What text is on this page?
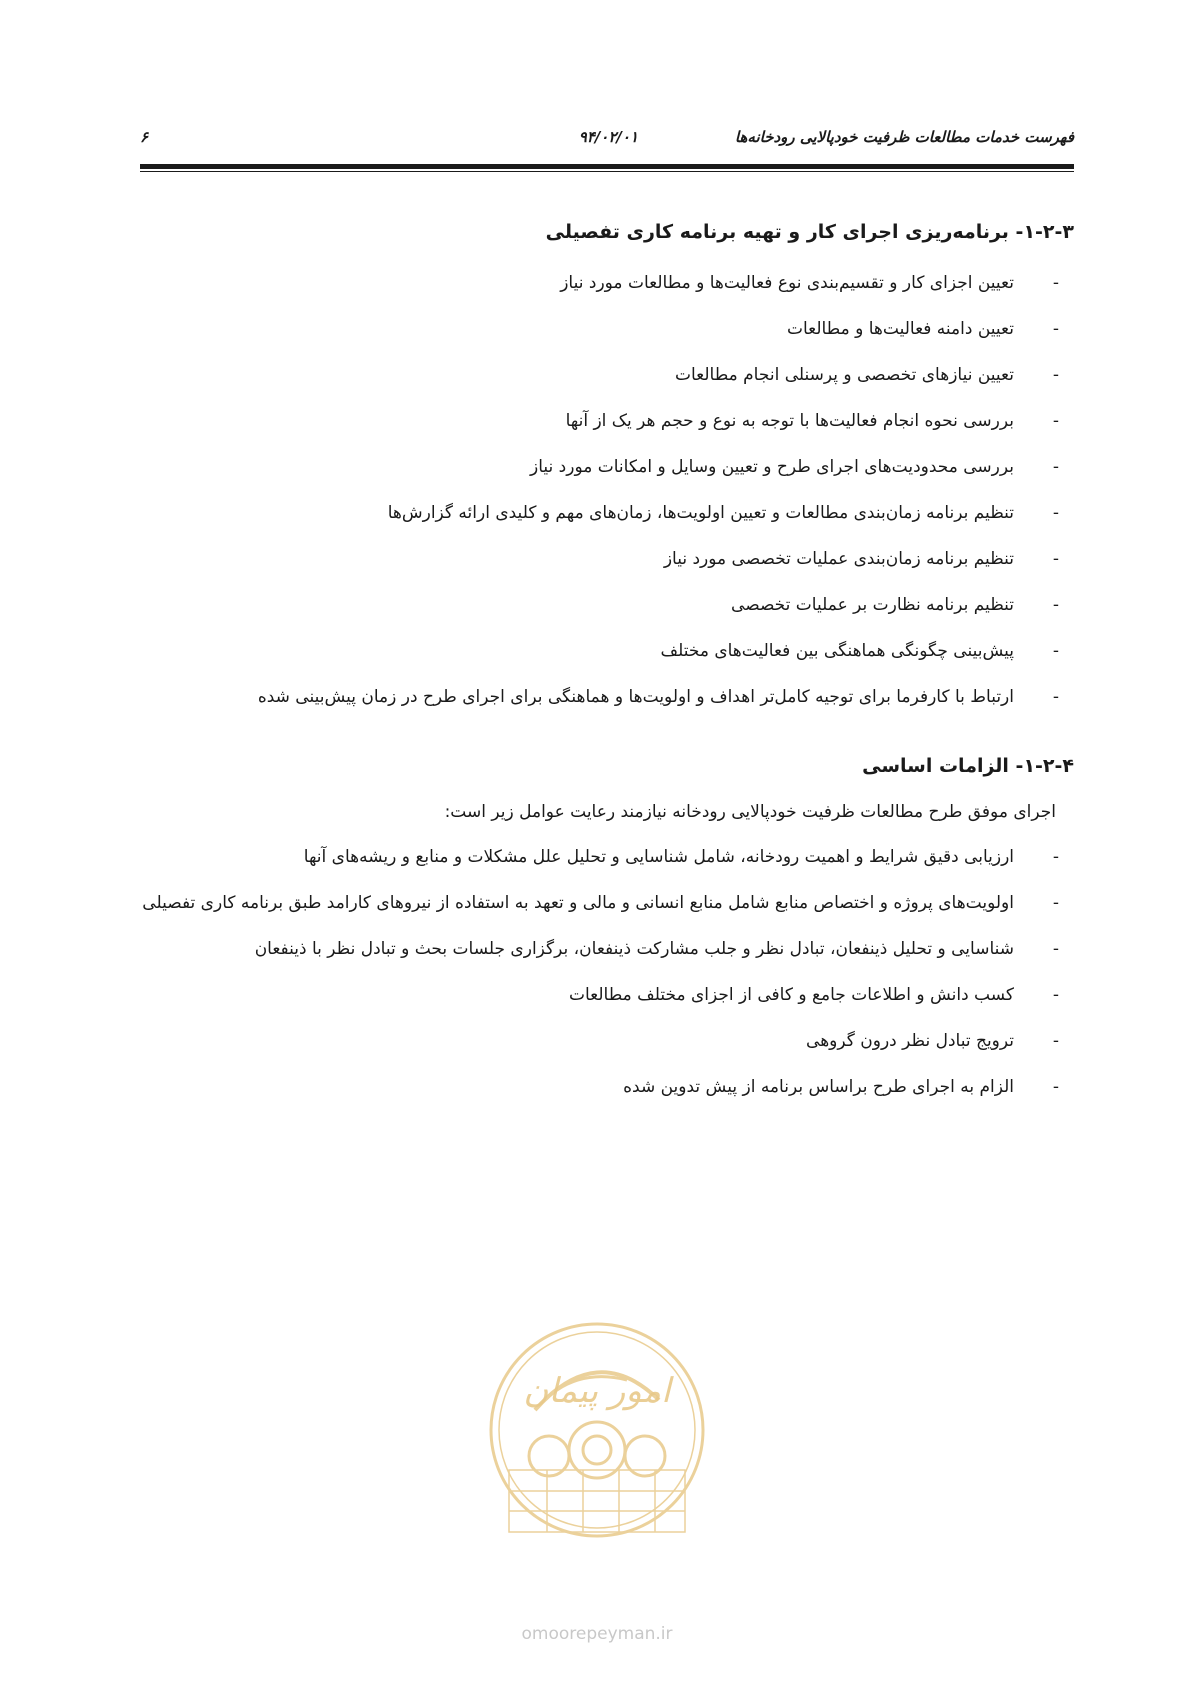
فهرست خدمات مطالعات ظرفیت خودپالایی رودخانه‌ها
۹۴/۰۲/۰۱
۶
۱-۲-۳- برنامه‌ریزی اجرای کار و تهیه برنامه کاری تفصیلی
-
تعیین اجزای کار و تقسیم‌بندی نوع فعالیت‌ها و مطالعات مورد نیاز
-
تعیین دامنه فعالیت‌ها و مطالعات
-
تعیین نیازهای تخصصی و پرسنلی انجام مطالعات
-
بررسی نحوه انجام فعالیت‌ها با توجه به نوع و حجم هر یک از آنها
-
بررسی محدودیت‌های اجرای طرح و تعیین وسایل و امکانات مورد نیاز
-
تنظیم برنامه زمان‌بندی مطالعات و تعیین اولویت‌ها، زمان‌های مهم و کلیدی ارائه گزارش‌ها
-
تنظیم برنامه زمان‌بندی عملیات تخصصی مورد نیاز
-
تنظیم برنامه نظارت بر عملیات تخصصی
-
پیش‌بینی چگونگی هماهنگی بین فعالیت‌های مختلف
-
ارتباط با کارفرما برای توجیه کامل‌تر اهداف و اولویت‌ها و هماهنگی برای اجرای طرح در زمان پیش‌بینی شده
۱-۲-۴- الزامات اساسی

اجرای موفق طرح مطالعات ظرفیت خودپالایی رودخانه نیازمند رعایت عوامل زیر است:

-
ارزیابی دقیق شرایط و اهمیت رودخانه، شامل شناسایی و تحلیل علل مشکلات و منابع و ریشه‌های آنها
-
اولویت‌های پروژه و اختصاص منابع شامل منابع انسانی و مالی و تعهد به استفاده از نیروهای کارامد طبق برنامه کاری تفصیلی
-
شناسایی و تحلیل ذینفعان، تبادل نظر و جلب مشارکت ذینفعان، برگزاری جلسات بحث و تبادل نظر با ذینفعان
-
کسب دانش و اطلاعات جامع و کافی از اجزای مختلف مطالعات
-
ترویج تبادل نظر درون گروهی
-
الزام به اجرای طرح براساس برنامه از پیش تدوین شده
امور پیمان
omoorepeyman.ir
